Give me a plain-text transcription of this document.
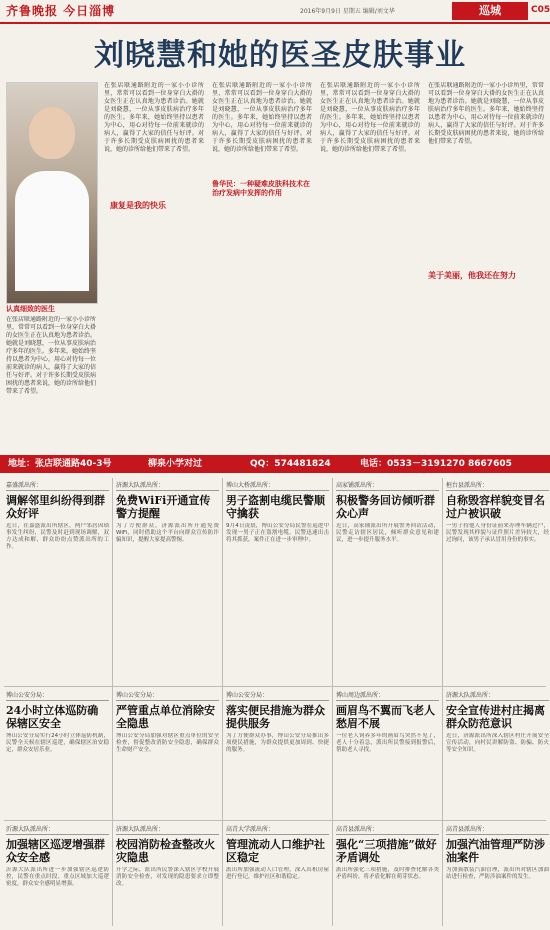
齐鲁晚报 今日淄博	2016年9月9日 星期五 编辑/刘文华	巡城	C05
刘晓慧和她的医圣皮肤事业
认真细致的医生
在张店联通路附近的一家小小诊所里，常常可以看到一位身穿白大褂的女医生正在认真地为患者诊治。她就是刘晓慧，一位从事皮肤病治疗多年的医生。多年来，她始终坚持以患者为中心，用心对待每一位前来就诊的病人，赢得了大家的信任与好评。对于许多长期受皮肤病困扰的患者来说，她的诊所给他们带来了希望。
在张店联通路附近的一家小小诊所里，常常可以看到一位身穿白大褂的女医生正在认真地为患者诊治。她就是刘晓慧，一位从事皮肤病治疗多年的医生。多年来，她始终坚持以患者为中心，用心对待每一位前来就诊的病人，赢得了大家的信任与好评。对于许多长期受皮肤病困扰的患者来说，她的诊所给他们带来了希望。
康复是我的快乐
在张店联通路附近的一家小小诊所里，常常可以看到一位身穿白大褂的女医生正在认真地为患者诊治。她就是刘晓慧，一位从事皮肤病治疗多年的医生。多年来，她始终坚持以患者为中心，用心对待每一位前来就诊的病人，赢得了大家的信任与好评。对于许多长期受皮肤病困扰的患者来说，她的诊所给他们带来了希望。
鲁华民：一种疑难皮肤科技术在治疗发病中发挥的作用
在张店联通路附近的一家小小诊所里，常常可以看到一位身穿白大褂的女医生正在认真地为患者诊治。她就是刘晓慧，一位从事皮肤病治疗多年的医生。多年来，她始终坚持以患者为中心，用心对待每一位前来就诊的病人，赢得了大家的信任与好评。对于许多长期受皮肤病困扰的患者来说，她的诊所给他们带来了希望。
在张店联通路附近的一家小小诊所里，常常可以看到一位身穿白大褂的女医生正在认真地为患者诊治。她就是刘晓慧，一位从事皮肤病治疗多年的医生。多年来，她始终坚持以患者为中心，用心对待每一位前来就诊的病人，赢得了大家的信任与好评。对于许多长期受皮肤病困扰的患者来说，她的诊所给他们带来了希望。
美于美丽，他我还在努力
地址：张店联通路40-3号	柳泉小学对过	QQ：574481824	电话：0533－3191270 8667605
嘉盛派出所：
调解邻里纠纷得到群众好评
近日，在嘉盛派出所辖区，两户邻居因琐事发生纠纷，民警及时赶到现场调解，双方达成和解，群众纷纷点赞派出所的工作。
济源大队派出所：
免费WiFi开通宣传警方提醒
为了方便群众，济源派出所开通免费WiFi，同时借助这个平台向群众宣传防诈骗知识，提醒大家提高警惕。
博山大桥派出所：
男子盗割电缆民警顺守擒获
9月4日凌晨，博山公安分局民警在巡逻中发现一男子正在盗割电缆，民警迅速出击将其抓获，案件正在进一步审理中。
高家铺派出所：
积极警务回访倾听群众心声
近日，高家铺派出所开展警务回访活动，民警走访辖区居民，倾听群众意见和建议，进一步提升服务水平。
桓台县派出所：
自称毁容样貌变冒名过户被识破
一男子持他人身份证前来办理车辆过户，民警发现其样貌与证件照片差异较大，经过询问，该男子承认冒用身份的事实。
博山公安分局：
24小时立体巡防确保辖区安全
博山公安分局实行24小时立体巡防机制，民警全天候在辖区巡逻，确保辖区治安稳定，群众安居乐业。
博山公安分局：
严管重点单位消除安全隐患
博山公安分局加强对辖区重点单位的安全检查，督促整改消防安全隐患，确保群众生命财产安全。
博山公安分局：
落实便民措施为群众提供服务
为了方便群众办事，博山公安分局推出多项便民措施，为群众提供更加周到、快捷的服务。
博山周边派出所：
画眉鸟不翼而飞老人愁眉不展
一位老人饲养多年的画眉鸟突然不见了，老人十分着急，派出所民警接到报警后，帮助老人寻找。
济源大队派出所：
安全宣传进村庄揭离群众防范意识
近日，济源派出所深入辖区村庄开展安全宣传活动，向村民讲解防盗、防骗、防火等安全知识。
沂源大队派出所：
加强辖区巡逻增强群众安全感
沂源大队派出所进一步加强辖区巡逻防控，民警在重点时段、重点区域加大巡逻密度，群众安全感明显增强。
济源大队派出所：
校园消防检查整改火灾隐患
开学之际，派出所民警深入辖区学校开展消防安全检查，对发现的隐患要求立即整改。
高青大学派出所：
管理流动人口维护社区稳定
派出所加强流动人口管理，深入出租房屋进行登记，维护社区和谐稳定。
高青县派出所：
强化“三项措施”做好矛盾调处
派出所强化三项措施，及时排查化解各类矛盾纠纷，将矛盾化解在萌芽状态。
高青县派出所：
加强汽油管理严防涉油案件
为加强散装汽油管理，派出所对辖区加油站进行检查，严防涉油案件的发生。
